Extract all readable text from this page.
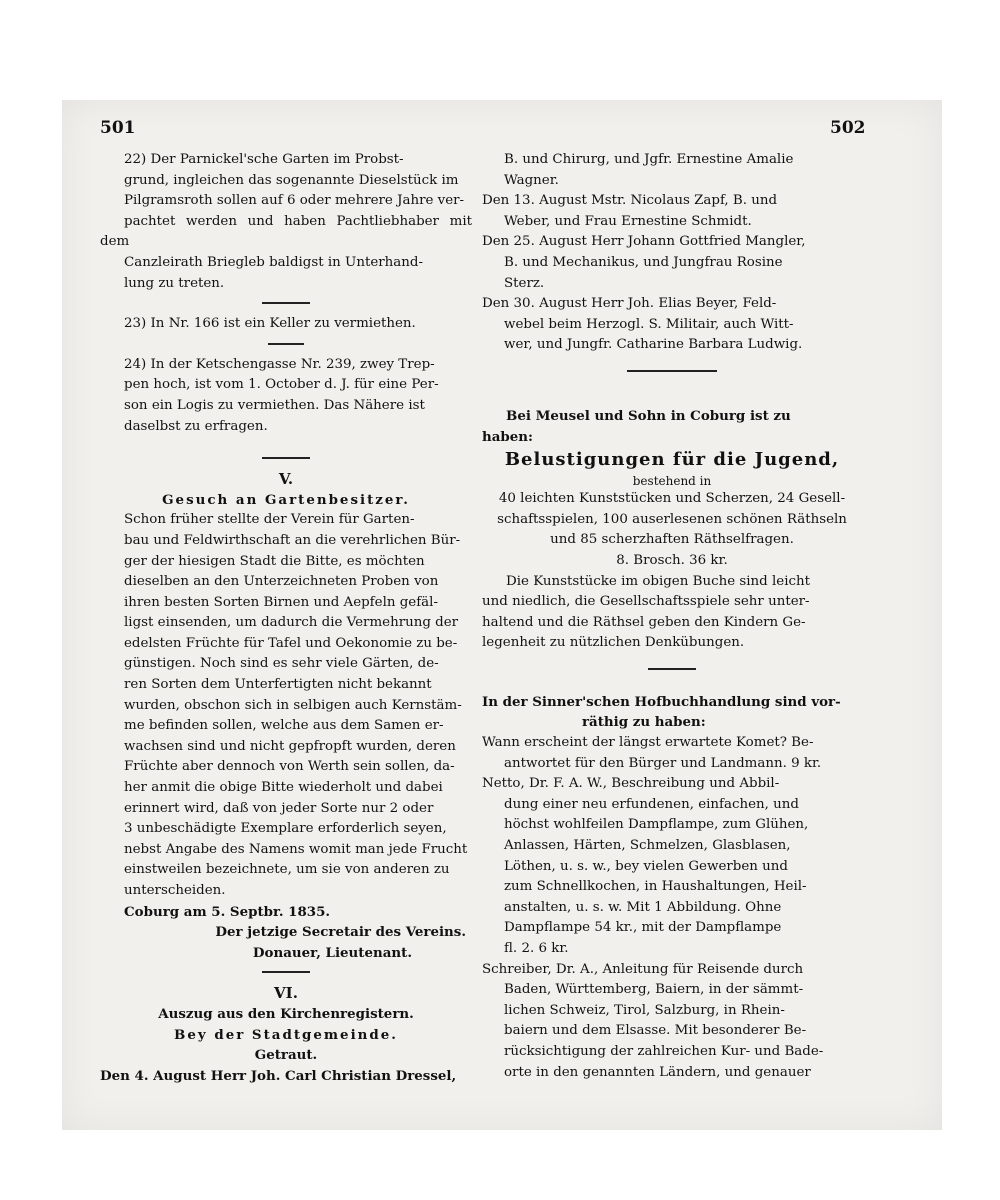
501	502
22) Der Parnickel'sche Garten im Probst-
grund, ingleichen das sogenannte Dieselstück im
Pilgramsroth sollen auf 6 oder mehrere Jahre ver-
pachtet werden und haben Pachtliebhaber mit dem
Canzleirath Briegleb baldigst in Unterhand-
lung zu treten.
23) In Nr. 166 ist ein Keller zu vermiethen.
24) In der Ketschengasse Nr. 239, zwey Trep-
pen hoch, ist vom 1. October d. J. für eine Per-
son ein Logis zu vermiethen. Das Nähere ist
daselbst zu erfragen.
V.
Gesuch an Gartenbesitzer.
Schon früher stellte der Verein für Garten-
bau und Feldwirthschaft an die verehrlichen Bür-
ger der hiesigen Stadt die Bitte, es möchten
dieselben an den Unterzeichneten Proben von
ihren besten Sorten Birnen und Aepfeln gefäl-
ligst einsenden, um dadurch die Vermehrung der
edelsten Früchte für Tafel und Oekonomie zu be-
günstigen. Noch sind es sehr viele Gärten, de-
ren Sorten dem Unterfertigten nicht bekannt
wurden, obschon sich in selbigen auch Kernstäm-
me befinden sollen, welche aus dem Samen er-
wachsen sind und nicht gepfropft wurden, deren
Früchte aber dennoch von Werth sein sollen, da-
her anmit die obige Bitte wiederholt und dabei
erinnert wird, daß von jeder Sorte nur 2 oder
3 unbeschädigte Exemplare erforderlich seyen,
nebst Angabe des Namens womit man jede Frucht
einstweilen bezeichnete, um sie von anderen zu
unterscheiden.
Coburg am 5. Septbr. 1835.
Der jetzige Secretair des Vereins.
Donauer, Lieutenant.
VI.
Auszug aus den Kirchenregistern.
Bey der Stadtgemeinde.
Getraut.
Den 4. August Herr Joh. Carl Christian Dressel,
B. und Chirurg, und Jgfr. Ernestine Amalie
Wagner.
Den 13. August Mstr. Nicolaus Zapf, B. und
Weber, und Frau Ernestine Schmidt.
Den 25. August Herr Johann Gottfried Mangler,
B. und Mechanikus, und Jungfrau Rosine
Sterz.
Den 30. August Herr Joh. Elias Beyer, Feld-
webel beim Herzogl. S. Militair, auch Witt-
wer, und Jungfr. Catharine Barbara Ludwig.
Bei Meusel und Sohn in Coburg ist zu
haben:
Belustigungen für die Jugend,
bestehend in
40 leichten Kunststücken und Scherzen, 24 Gesell-
schaftsspielen, 100 auserlesenen schönen Räthseln
und 85 scherzhaften Räthselfragen.
8. Brosch. 36 kr.
Die Kunststücke im obigen Buche sind leicht
und niedlich, die Gesellschaftsspiele sehr unter-
haltend und die Räthsel geben den Kindern Ge-
legenheit zu nützlichen Denkübungen.
In der Sinner'schen Hofbuchhandlung sind vor-
räthig zu haben:
Wann erscheint der längst erwartete Komet? Be-
antwortet für den Bürger und Landmann. 9 kr.
Netto, Dr. F. A. W., Beschreibung und Abbil-
dung einer neu erfundenen, einfachen, und
höchst wohlfeilen Dampflampe, zum Glühen,
Anlassen, Härten, Schmelzen, Glasblasen,
Löthen, u. s. w., bey vielen Gewerben und
zum Schnellkochen, in Haushaltungen, Heil-
anstalten, u. s. w. Mit 1 Abbildung. Ohne
Dampflampe 54 kr., mit der Dampflampe
fl. 2. 6 kr.
Schreiber, Dr. A., Anleitung für Reisende durch
Baden, Württemberg, Baiern, in der sämmt-
lichen Schweiz, Tirol, Salzburg, in Rhein-
baiern und dem Elsasse. Mit besonderer Be-
rücksichtigung der zahlreichen Kur- und Bade-
orte in den genannten Ländern, und genauer
